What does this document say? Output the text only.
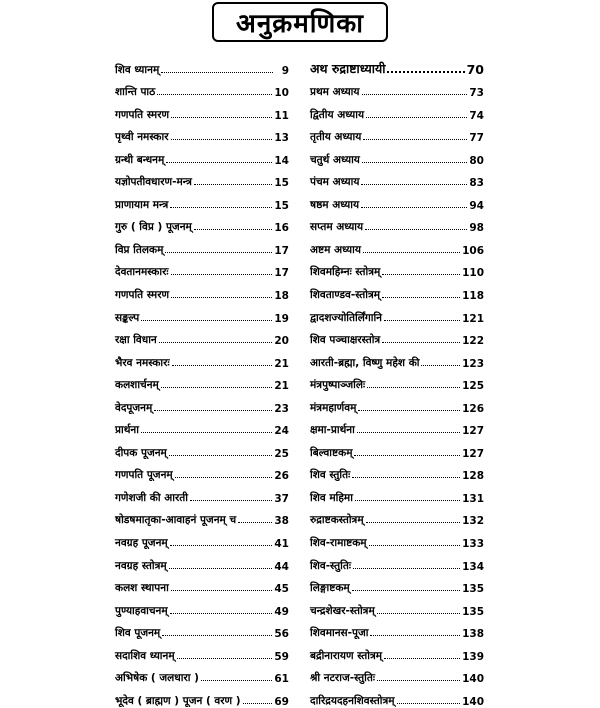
अनुक्रमणिका
शिव ध्यानम्	9
शान्ति पाठ	10
गणपति स्मरण	11
पृथ्वी नमस्कार	13
ग्रन्थी बन्धनम्	14
यज्ञोपतीवधारण-मन्त्र	15
प्राणायाम मन्त्र	15
गुरु ( विप्र ) पूजनम्	16
विप्र तिलकम्	17
देवतानमस्कारः	17
गणपति स्मरण	18
सङ्कल्प	19
रक्षा विधान	20
भैरव नमस्कारः	21
कलशार्चनम्	21
वेदपूजनम्	23
प्रार्थना	24
दीपक पूजनम्	25
गणपति पूजनम्	26
गणेशजी की आरती	37
षोडषमातृका-आवाहनं पूजनम् च	38
नवग्रह पूजनम्	41
नवग्रह स्तोत्रम्	44
कलश स्थापना	45
पुण्याहवाचनम्	49
शिव पूजनम्	56
सदाशिव ध्यानम्	59
अभिषेक ( जलधारा )	61
भूदेव ( ब्राह्मण ) पूजन ( वरण )	69
अथ रुद्राष्टाध्यायी	70
प्रथम अध्याय	73
द्वितीय अध्याय	74
तृतीय अध्याय	77
चतुर्थ अध्याय	80
पंचम अध्याय	83
षष्ठम अध्याय	94
सप्तम अध्याय	98
अष्टम अध्याय	106
शिवमहिम्नः स्तोत्रम्	110
शिवताण्डव-स्तोत्रम्	118
द्वादशज्योतिर्लिंगानि	121
शिव पञ्चाक्षरस्तोत्र	122
आरती-ब्रह्मा, विष्णु महेश की	123
मंत्रपुष्पाञ्जलिः	125
मंत्रमहार्णवम्	126
क्षमा-प्रार्थना	127
बिल्वाष्टकम्	127
शिव स्तुतिः	128
शिव महिमा	131
रुद्राष्टकस्तोत्रम्	132
शिव-रामाष्टकम्	133
शिव-स्तुतिः	134
लिङ्गाष्टकम्	135
चन्द्रशेखर-स्तोत्रम्	135
शिवमानस-पूजा	138
बद्रीनारायण स्तोत्रम्	139
श्री नटराज-स्तुतिः	140
दारिद्रयदहनशिवस्तोत्रम्	140
